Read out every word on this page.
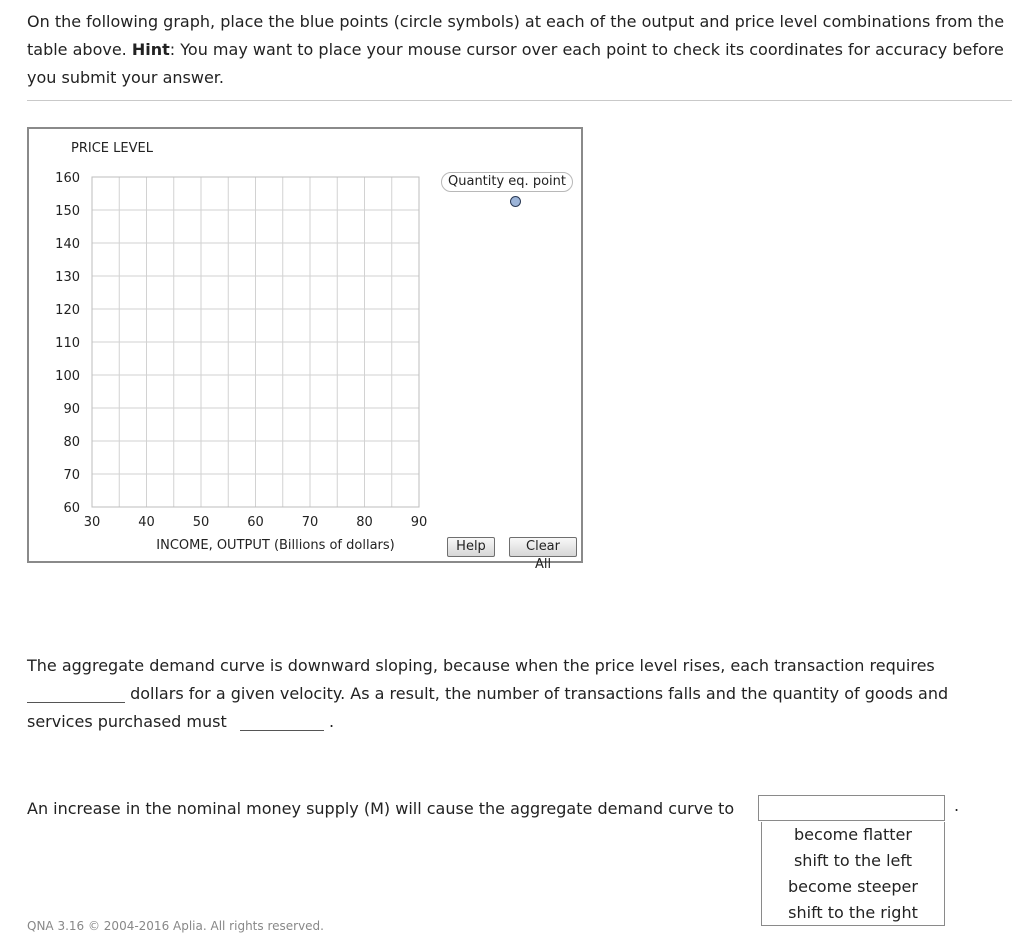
On the following graph, place the blue points (circle symbols) at each of the output and price level combinations from the table above. Hint: You may want to place your mouse cursor over each point to check its coordinates for accuracy before you submit your answer.
60
70
80
90
100
110
120
130
140
150
160
30	40	50	60	70	80	90
PRICE LEVEL
INCOME, OUTPUT (Billions of dollars)
Quantity eq. point
Help	Clear All
The aggregate demand curve is downward sloping, because when the price level rises, each transaction requires  dollars for a given velocity. As a result, the number of transactions falls and the quantity of goods and services purchased must	.
An increase in the nominal money supply (M) will cause the aggregate demand curve to	.
become flatter
shift to the left
become steeper
shift to the right
QNA 3.16 © 2004-2016 Aplia. All rights reserved.
